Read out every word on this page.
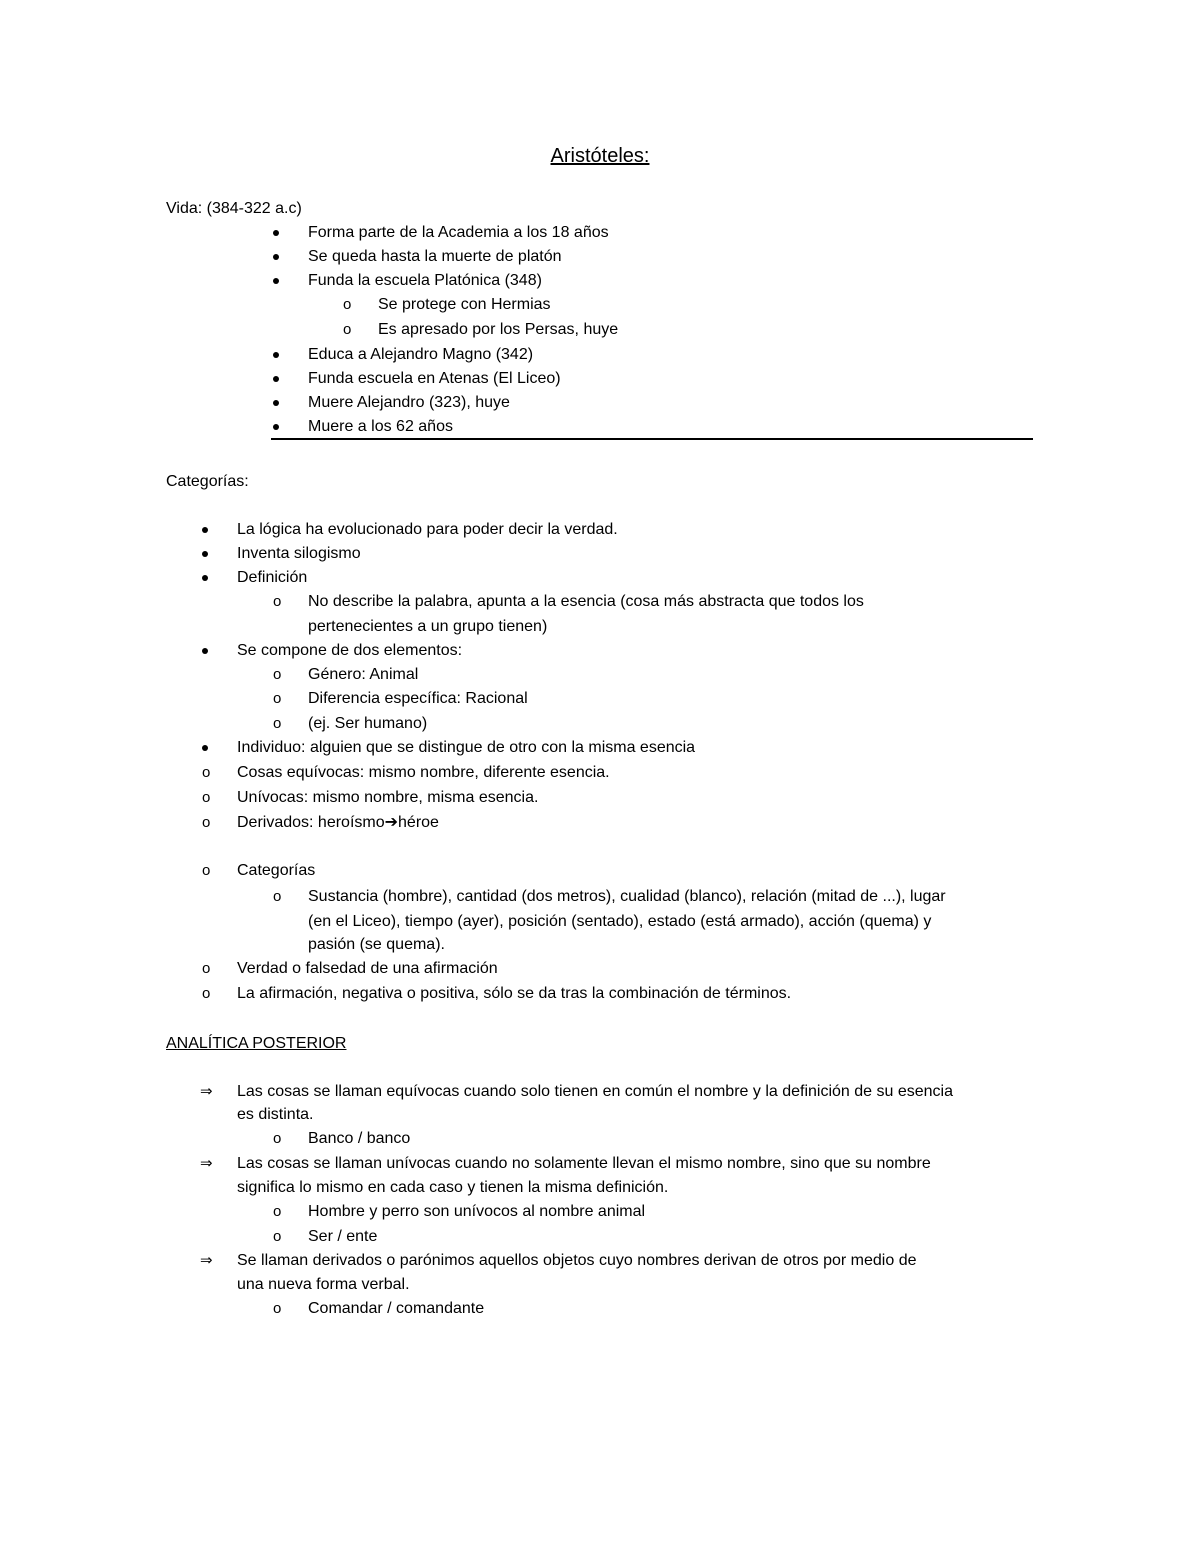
Aristóteles:
Vida: (384-322 a.c)
Forma parte de la Academia a los 18 años
Se queda hasta la muerte de platón
Funda la escuela Platónica (348)
o Se protege con Hermias
o Es apresado por los Persas, huye
Educa a Alejandro Magno (342)
Funda escuela en Atenas (El Liceo)
Muere Alejandro (323), huye
Muere a los 62 años
Categorías:
La lógica ha evolucionado para poder decir la verdad.
Inventa silogismo
Definición
o No describe la palabra, apunta a la esencia (cosa más abstracta que todos los
pertenecientes a un grupo tienen)
Se compone de dos elementos:
o Género: Animal
o Diferencia específica: Racional
o (ej. Ser humano)
Individuo: alguien que se distingue de otro con la misma esencia
o Cosas equívocas: mismo nombre, diferente esencia.
o Unívocas: mismo nombre, misma esencia.
o Derivados: heroísmo➔héroe
o Categorías
o Sustancia (hombre), cantidad (dos metros), cualidad (blanco), relación (mitad de ...), lugar
(en el Liceo), tiempo (ayer), posición (sentado), estado (está armado), acción (quema) y
pasión (se quema).
o Verdad o falsedad de una afirmación
o La afirmación, negativa o positiva, sólo se da tras la combinación de términos.
ANALÍTICA POSTERIOR
⇒ Las cosas se llaman equívocas cuando solo tienen en común el nombre y la definición de su esencia
es distinta.
o Banco / banco
⇒ Las cosas se llaman unívocas cuando no solamente llevan el mismo nombre, sino que su nombre
significa lo mismo en cada caso y tienen la misma definición.
o Hombre y perro son unívocos al nombre animal
o Ser / ente
⇒ Se llaman derivados o parónimos aquellos objetos cuyo nombres derivan de otros por medio de
una nueva forma verbal.
o Comandar / comandante
